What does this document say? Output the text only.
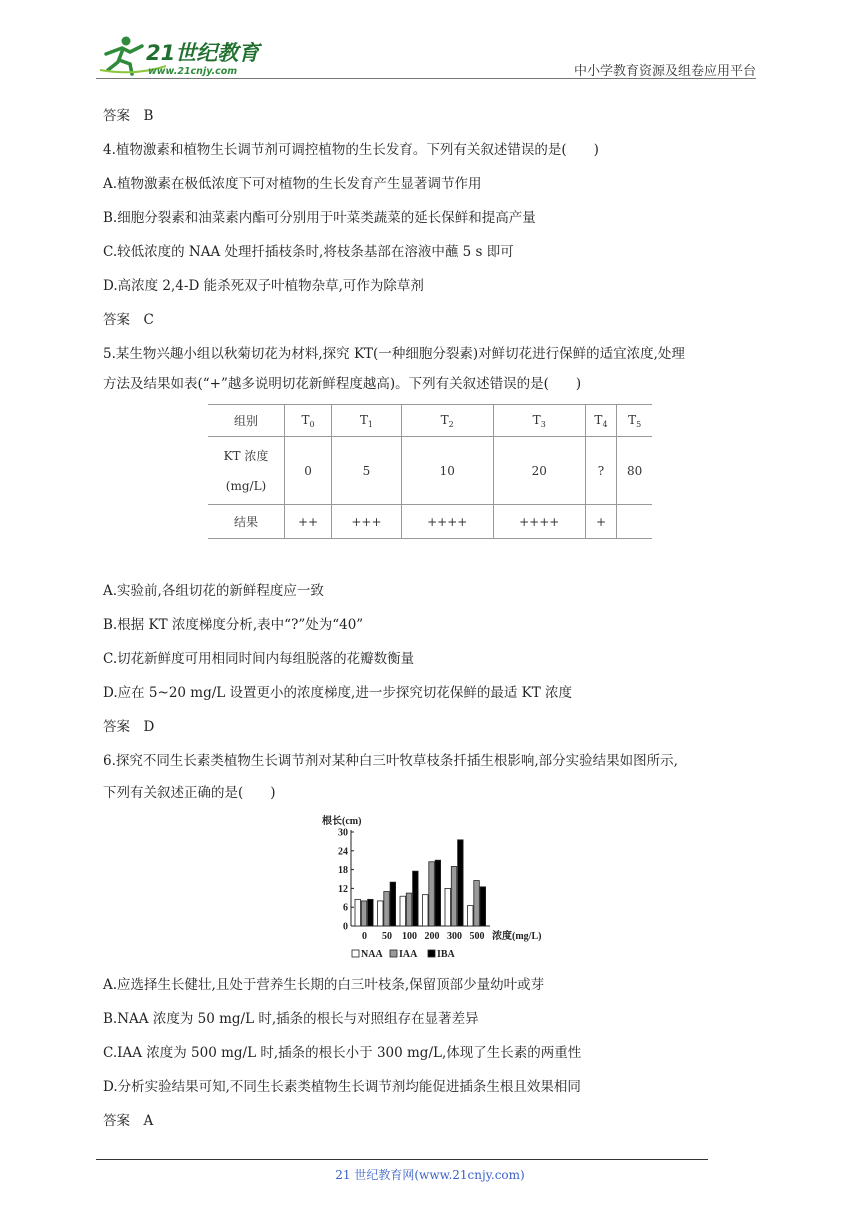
21世纪教育
www.21cnjy.com	中小学教育资源及组卷应用平台
答案　B
4.植物激素和植物生长调节剂可调控植物的生长发育。下列有关叙述错误的是(　　)
A.植物激素在极低浓度下可对植物的生长发育产生显著调节作用
B.细胞分裂素和油菜素内酯可分别用于叶菜类蔬菜的延长保鲜和提高产量
C.较低浓度的 NAA 处理扦插枝条时,将枝条基部在溶液中蘸 5 s 即可
D.高浓度 2,4-D 能杀死双子叶植物杂草,可作为除草剂
答案　C
5.某生物兴趣小组以秋菊切花为材料,探究 KT(一种细胞分裂素)对鲜切花进行保鲜的适宜浓度,处理
方法及结果如表(“+”越多说明切花新鲜程度越高)。下列有关叙述错误的是(　　)
组别	$T_0$	$T_1$	$T_2$	$T_3$	$T_4$	$T_5$

KT 浓度
(mg/L)	0	5	10	20	?	80
结果	++	+++	++++	++++	+	
A.实验前,各组切花的新鲜程度应一致
B.根据 KT 浓度梯度分析,表中“?”处为“40”
C.切花新鲜度可用相同时间内每组脱落的花瓣数衡量
D.应在 5~20 mg/L 设置更小的浓度梯度,进一步探究切花保鲜的最适 KT 浓度
答案　D
6.探究不同生长素类植物生长调节剂对某种白三叶牧草枝条扦插生根影响,部分实验结果如图所示,
下列有关叙述正确的是(　　)
根长(cm)
0
6
12
18
24
30
0 50 100 200 300 500 浓度(mg/L)
NAA IAA IBA
A.应选择生长健壮,且处于营养生长期的白三叶枝条,保留顶部少量幼叶或芽
B.NAA 浓度为 50 mg/L 时,插条的根长与对照组存在显著差异
C.IAA 浓度为 500 mg/L 时,插条的根长小于 300 mg/L,体现了生长素的两重性
D.分析实验结果可知,不同生长素类植物生长调节剂均能促进插条生根且效果相同
答案　A
21 世纪教育网(www.21cnjy.com)
